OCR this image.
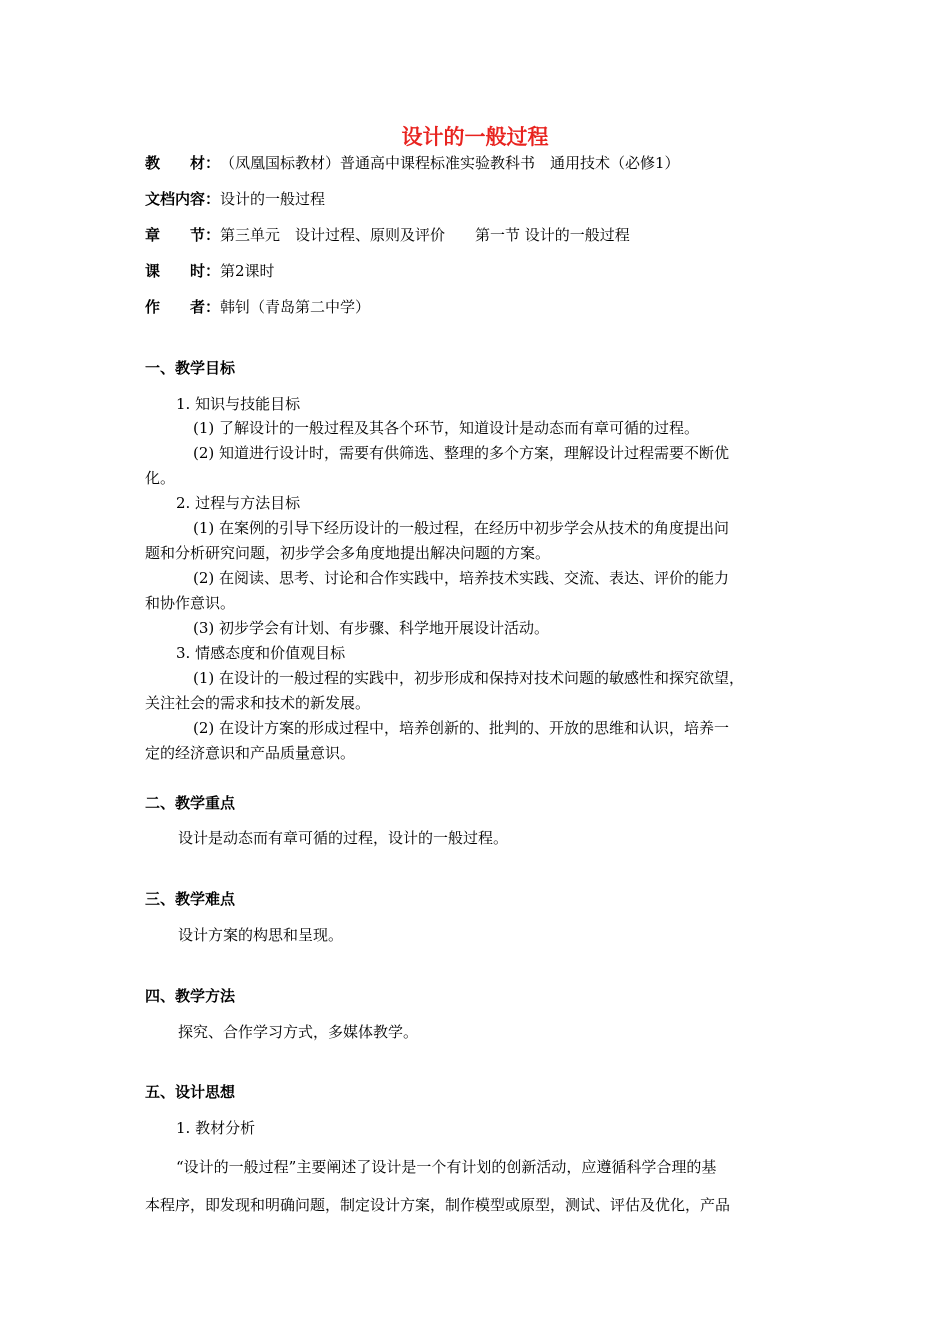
设计的一般过程
教　　材：（凤凰国标教材）普通高中课程标准实验教科书　通用技术（必修1）
文档内容：设计的一般过程
章　　节：第三单元　设计过程、原则及评价　　第一节 设计的一般过程
课　　时：第2课时
作　　者：韩钊（青岛第二中学）
一、教学目标
1. 知识与技能目标
(1) 了解设计的一般过程及其各个环节，知道设计是动态而有章可循的过程。
(2) 知道进行设计时，需要有供筛选、整理的多个方案，理解设计过程需要不断优
化。
2. 过程与方法目标
(1) 在案例的引导下经历设计的一般过程，在经历中初步学会从技术的角度提出问
题和分析研究问题，初步学会多角度地提出解决问题的方案。
(2) 在阅读、思考、讨论和合作实践中，培养技术实践、交流、表达、评价的能力
和协作意识。
(3) 初步学会有计划、有步骤、科学地开展设计活动。
3. 情感态度和价值观目标
(1) 在设计的一般过程的实践中，初步形成和保持对技术问题的敏感性和探究欲望，
关注社会的需求和技术的新发展。
(2) 在设计方案的形成过程中，培养创新的、批判的、开放的思维和认识，培养一
定的经济意识和产品质量意识。
二、教学重点
设计是动态而有章可循的过程，设计的一般过程。
三、教学难点
设计方案的构思和呈现。
四、教学方法
探究、合作学习方式，多媒体教学。
五、设计思想
1. 教材分析
“设计的一般过程”主要阐述了设计是一个有计划的创新活动，应遵循科学合理的基
本程序，即发现和明确问题，制定设计方案，制作模型或原型，测试、评估及优化，产品
